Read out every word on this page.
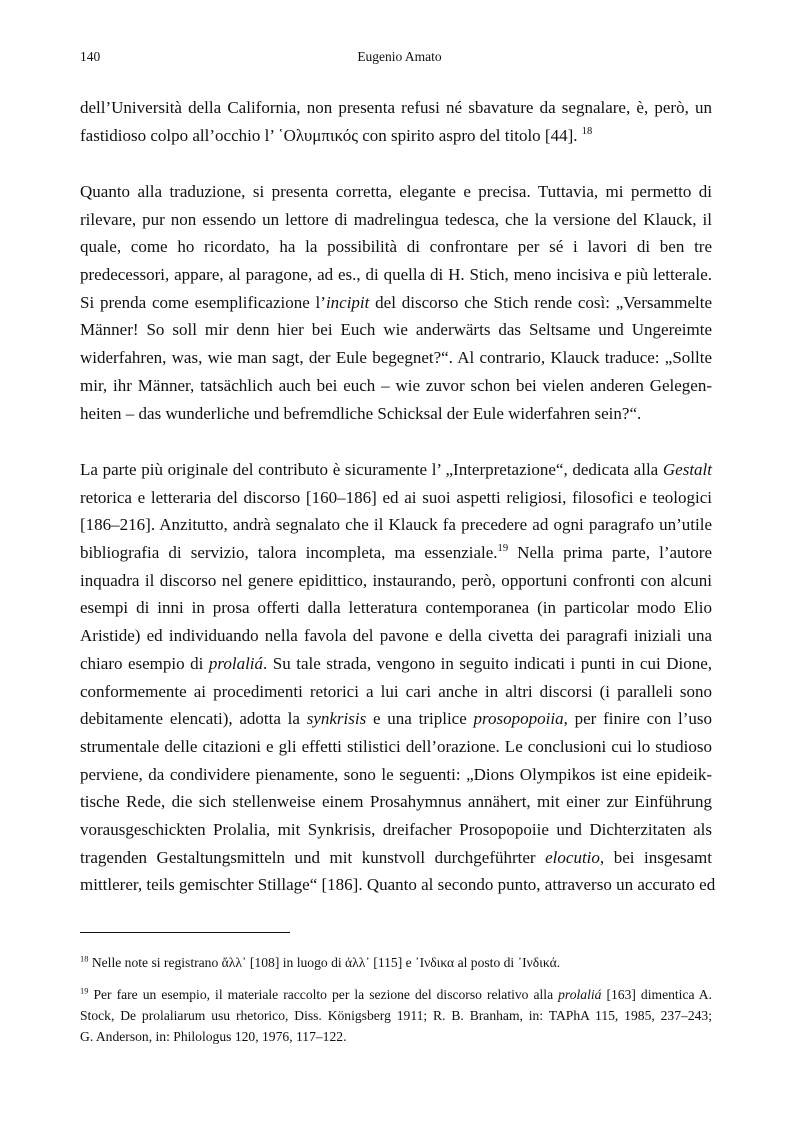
140	Eugenio Amato
dell’Università della California, non presenta refusi né sbavature da segnalare, è, però, un
fastidioso colpo all’occhio l’ ῾Ολυμπικός con spirito aspro del titolo [44]. $^{18}$
Quanto alla traduzione, si presenta corretta, elegante e precisa. Tuttavia, mi permetto di
rilevare, pur non essendo un lettore di madrelingua tedesca, che la versione del Klauck, il
quale, come ho ricordato, ha la possibilità di confrontare per sé i lavori di ben tre
predecessori, appare, al paragone, ad es., di quella di H. Stich, meno incisiva e più letterale.
Si prenda come esemplificazione l’incipit del discorso che Stich rende così: „Versammelte
Männer! So soll mir denn hier bei Euch wie anderwärts das Seltsame und Ungereimte
widerfahren, was, wie man sagt, der Eule begegnet?“. Al contrario, Klauck traduce: „Sollte
mir, ihr Männer, tatsächlich auch bei euch – wie zuvor schon bei vielen anderen Gelegen-
heiten – das wunderliche und befremdliche Schicksal der Eule widerfahren sein?“.
La parte più originale del contributo è sicuramente l’ „Interpretazione“, dedicata alla Gestalt
retorica e letteraria del discorso [160–186] ed ai suoi aspetti religiosi, filosofici e teologici
[186–216]. Anzitutto, andrà segnalato che il Klauck fa precedere ad ogni paragrafo un’utile
bibliografia di servizio, talora incompleta, ma essenziale.$^{19}$ Nella prima parte, l’autore
inquadra il discorso nel genere epidittico, instaurando, però, opportuni confronti con alcuni
esempi di inni in prosa offerti dalla letteratura contemporanea (in particolar modo Elio
Aristide) ed individuando nella favola del pavone e della civetta dei paragrafi iniziali una
chiaro esempio di prolaliá. Su tale strada, vengono in seguito indicati i punti in cui Dione,
conformemente ai procedimenti retorici a lui cari anche in altri discorsi (i paralleli sono
debitamente elencati), adotta la synkrisis e una triplice prosopopoiia, per finire con l’uso
strumentale delle citazioni e gli effetti stilistici dell’orazione. Le conclusioni cui lo studioso
perviene, da condividere pienamente, sono le seguenti: „Dions Olympikos ist eine epideik-
tische Rede, die sich stellenweise einem Prosahymnus annähert, mit einer zur Einführung
vorausgeschickten Prolalia, mit Synkrisis, dreifacher Prosopopoiie und Dichterzitaten als
tragenden Gestaltungsmitteln und mit kunstvoll durchgeführter elocutio, bei insgesamt
mittlerer, teils gemischter Stillage“ [186]. Quanto al secondo punto, attraverso un accurato ed
$^{18}$ Nelle note si registrano ἄλλ᾽ [108] in luogo di ἀλλ᾽ [115] e ᾿Ινδικα al posto di ᾿Ινδικά.
$^{19}$ Per fare un esempio, il materiale raccolto per la sezione del discorso relativo alla prolaliá [163] dimentica A.
Stock, De prolaliarum usu rhetorico, Diss. Königsberg 1911; R. B. Branham, in: TAPhA 115, 1985, 237–243;
G. Anderson, in: Philologus 120, 1976, 117–122.
